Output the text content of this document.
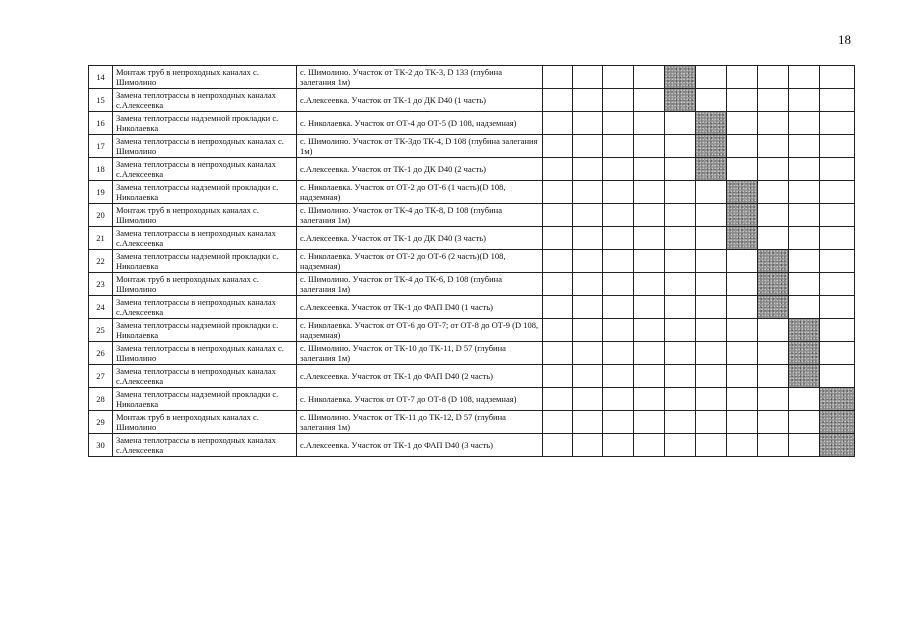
18
14	Монтаж труб в непроходных каналах с. Шимолино	с. Шимолино. Участок от ТК-2 до ТК-3, D 133 (глубина залегания 1м)										
15	Замена теплотрассы в непроходных каналах с.Алексеевка	с.Алексеевка. Участок от ТК-1 до ДК D40 (1 часть)										
16	Замена теплотрассы надземной прокладки с. Николаевка	с. Николаевка. Участок от ОТ-4 до ОТ-5 (D 108, надземная)										
17	Замена теплотрассы в непроходных каналах с. Шимолино	с. Шимолино. Участок от ТК-3до ТК-4, D 108 (глубина залегания 1м)										
18	Замена теплотрассы в непроходных каналах с.Алексеевка	с.Алексеевка. Участок от ТК-1 до ДК D40 (2 часть)										
19	Замена теплотрассы надземной прокладки с. Николаевка	с. Николаевка. Участок от ОТ-2 до ОТ-6 (1 часть)(D 108, надземная)										
20	Монтаж труб в непроходных каналах с. Шимолино	с. Шимолино. Участок от ТК-4 до ТК-8, D 108 (глубина залегания 1м)										
21	Замена теплотрассы в непроходных каналах с.Алексеевка	с.Алексеевка. Участок от ТК-1 до ДК D40 (3 часть)										
22	Замена теплотрассы надземной прокладки с. Николаевка	с. Николаевка. Участок от ОТ-2 до ОТ-6 (2 часть)(D 108, надземная)										
23	Монтаж труб в непроходных каналах с. Шимолино	с. Шимолино. Участок от ТК-4 до ТК-6, D 108 (глубина залегания 1м)										
24	Замена теплотрассы в непроходных каналах с.Алексеевка	с.Алексеевка. Участок от ТК-1 до ФАП D40 (1 часть)										
25	Замена теплотрассы надземной прокладки с. Николаевка	с. Николаевка. Участок от ОТ-6 до ОТ-7; от ОТ-8 до ОТ-9 (D 108, надземная)										
26	Замена теплотрассы в непроходных каналах с. Шимолино	с. Шимолино. Участок от ТК-10 до ТК-11, D 57 (глубина залегания 1м)										
27	Замена теплотрассы в непроходных каналах с.Алексеевка	с.Алексеевка. Участок от ТК-1 до ФАП D40 (2 часть)										
28	Замена теплотрассы надземной прокладки с. Николаевка	с. Николаевка. Участок от ОТ-7 до ОТ-8 (D 108, надземная)										
29	Монтаж труб в непроходных каналах с. Шимолино	с. Шимолино. Участок от ТК-11 до ТК-12, D 57 (глубина залегания 1м)										
30	Замена теплотрассы в непроходных каналах с.Алексеевка	с.Алексеевка. Участок от ТК-1 до ФАП D40 (3 часть)										
